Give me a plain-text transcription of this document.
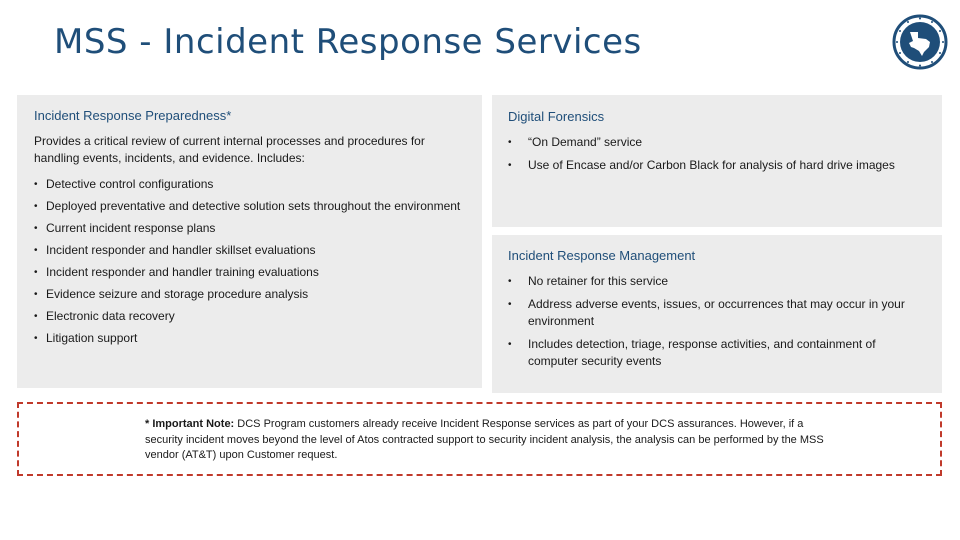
MSS - Incident Response Services
Incident Response Preparedness*

Provides a critical review of current internal processes and procedures for handling events, incidents, and evidence. Includes:

• Detective control configurations
• Deployed preventative and detective solution sets throughout the environment
• Current incident response plans
• Incident responder and handler skillset evaluations
• Incident responder and handler training evaluations
• Evidence seizure and storage procedure analysis
• Electronic data recovery
• Litigation support
Digital Forensics
• “On Demand” service
• Use of Encase and/or Carbon Black for analysis of hard drive images
Incident Response Management
• No retainer for this service
• Address adverse events, issues, or occurrences that may occur in your environment
• Includes detection, triage, response activities, and containment of computer security events

* Important Note: DCS Program customers already receive Incident Response services as part of your DCS assurances. However, if a security incident moves beyond the level of Atos contracted support to security incident analysis, the analysis can be performed by the MSS vendor (AT&T) upon Customer request.
